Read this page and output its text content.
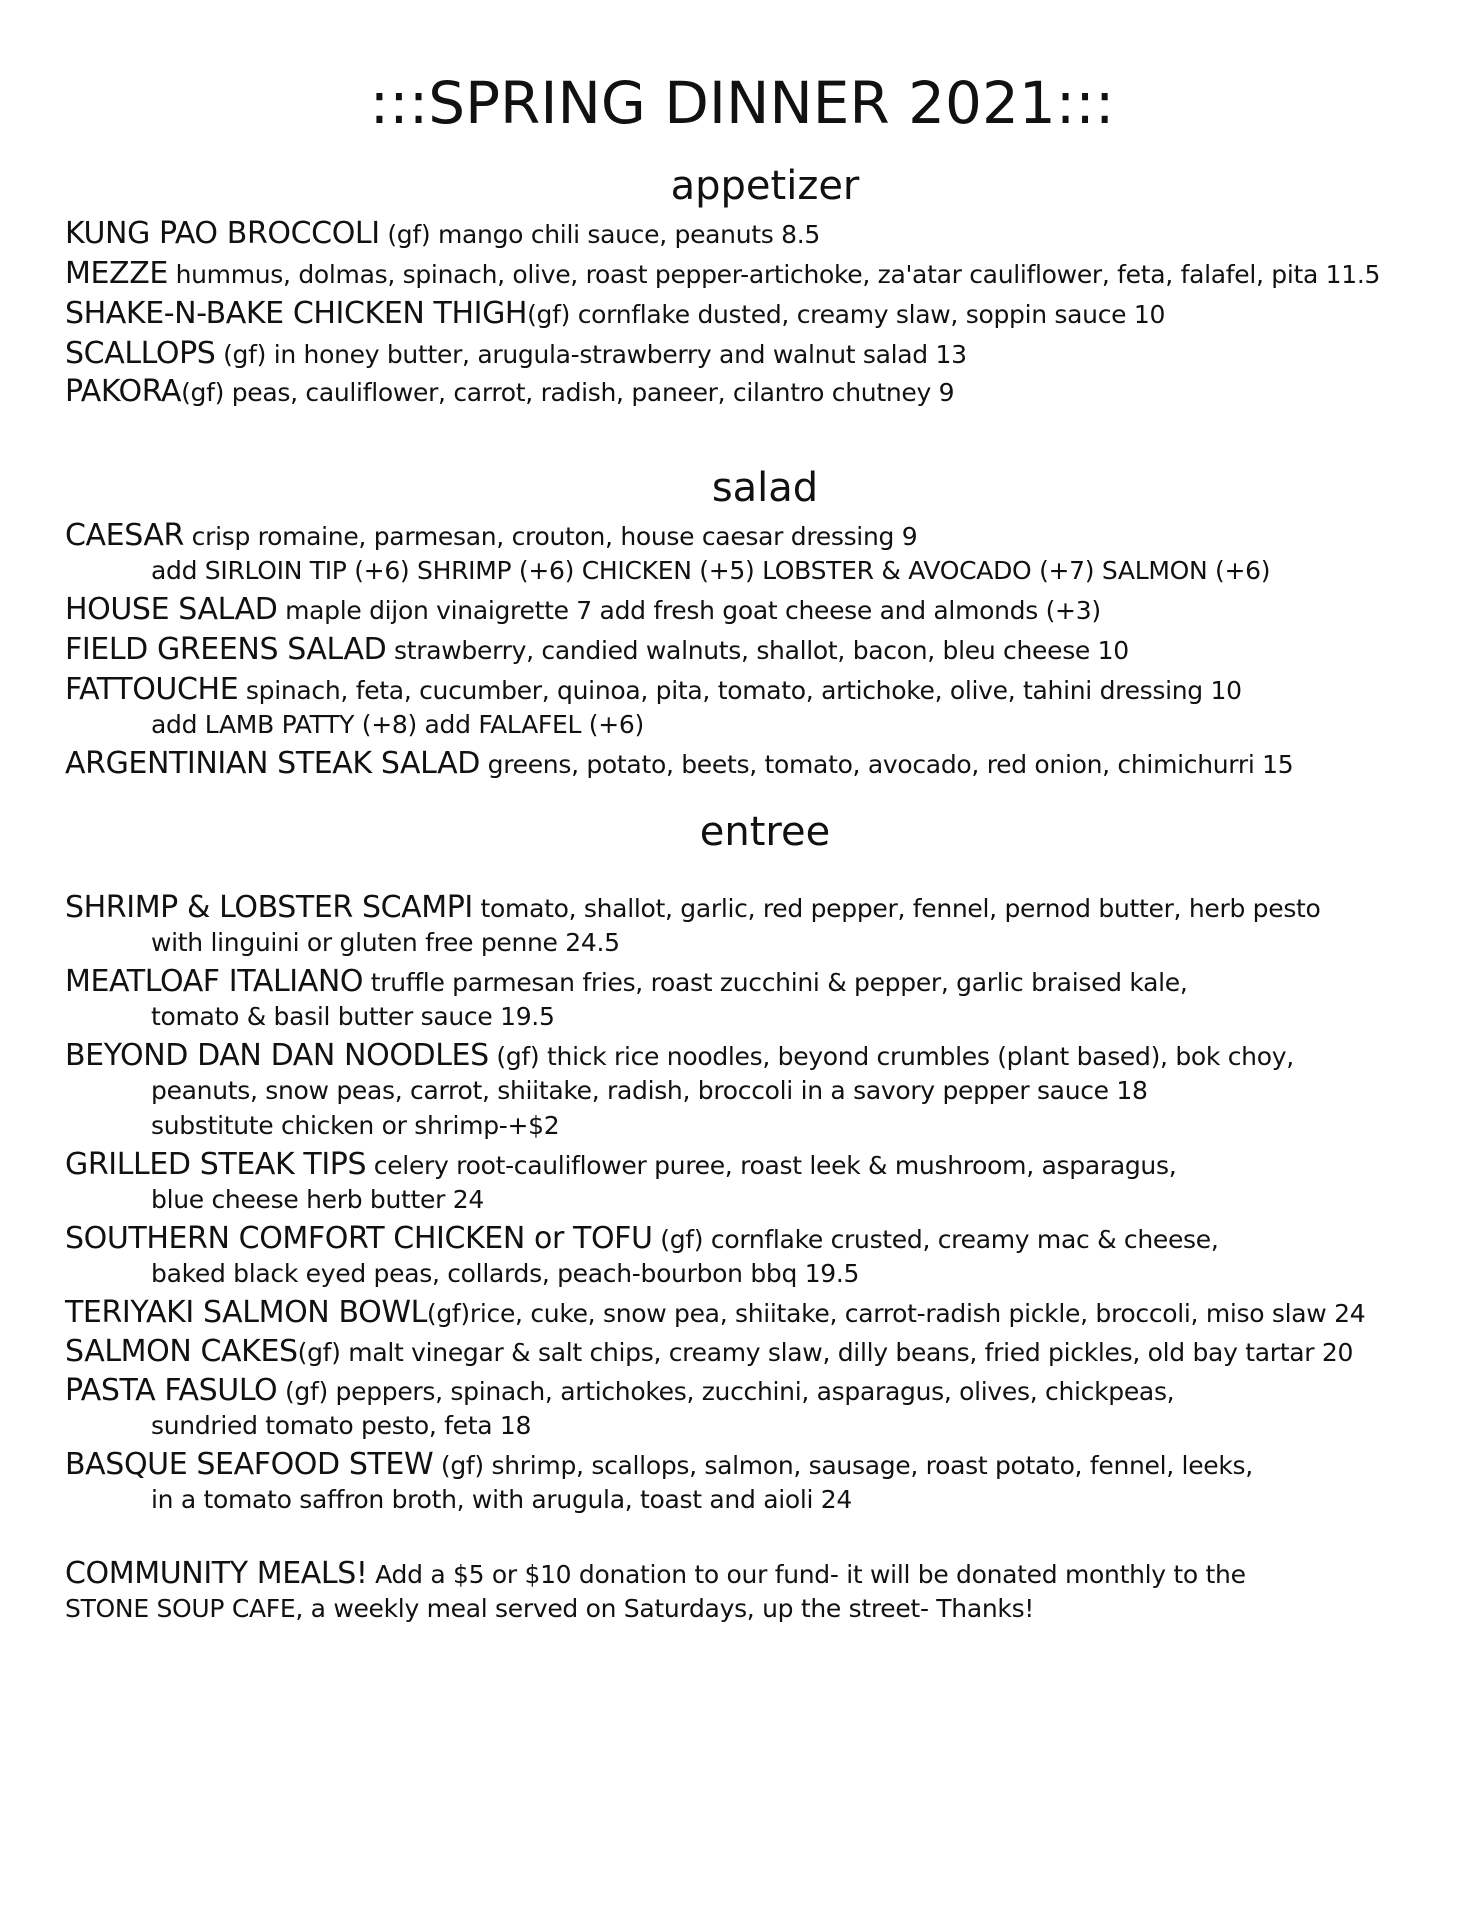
:::SPRING DINNER 2021:::
appetizer
KUNG PAO BROCCOLI (gf) mango chili sauce, peanuts 8.5
MEZZE hummus, dolmas, spinach, olive, roast pepper-artichoke, za'atar cauliflower, feta, falafel, pita 11.5
SHAKE-N-BAKE CHICKEN THIGH(gf) cornflake dusted, creamy slaw, soppin sauce 10
SCALLOPS (gf) in honey butter, arugula-strawberry and walnut salad 13
PAKORA(gf) peas, cauliflower, carrot, radish, paneer, cilantro chutney 9
salad
CAESAR crisp romaine, parmesan, crouton, house caesar dressing 9
add SIRLOIN TIP (+6) SHRIMP (+6) CHICKEN (+5) LOBSTER & AVOCADO (+7) SALMON (+6)
HOUSE SALAD maple dijon vinaigrette 7 add fresh goat cheese and almonds (+3)
FIELD GREENS SALAD strawberry, candied walnuts, shallot, bacon, bleu cheese 10
FATTOUCHE spinach, feta, cucumber, quinoa, pita, tomato, artichoke, olive, tahini dressing 10
add LAMB PATTY (+8) add FALAFEL (+6)
ARGENTINIAN STEAK SALAD greens, potato, beets, tomato, avocado, red onion, chimichurri 15
entree
SHRIMP & LOBSTER SCAMPI tomato, shallot, garlic, red pepper, fennel, pernod butter, herb pesto
with linguini or gluten free penne 24.5
MEATLOAF ITALIANO truffle parmesan fries, roast zucchini & pepper, garlic braised kale,
tomato & basil butter sauce 19.5
BEYOND DAN DAN NOODLES (gf) thick rice noodles, beyond crumbles (plant based), bok choy,
peanuts, snow peas, carrot, shiitake, radish, broccoli in a savory pepper sauce 18
substitute chicken or shrimp-+$2
GRILLED STEAK TIPS celery root-cauliflower puree, roast leek & mushroom, asparagus,
blue cheese herb butter 24
SOUTHERN COMFORT CHICKEN or TOFU (gf) cornflake crusted, creamy mac & cheese,
baked black eyed peas, collards, peach-bourbon bbq 19.5
TERIYAKI SALMON BOWL(gf)rice, cuke, snow pea, shiitake, carrot-radish pickle, broccoli, miso slaw 24
SALMON CAKES(gf) malt vinegar & salt chips, creamy slaw, dilly beans, fried pickles, old bay tartar 20
PASTA FASULO (gf) peppers, spinach, artichokes, zucchini, asparagus, olives, chickpeas,
sundried tomato pesto, feta 18
BASQUE SEAFOOD STEW (gf) shrimp, scallops, salmon, sausage, roast potato, fennel, leeks,
in a tomato saffron broth, with arugula, toast and aioli 24
COMMUNITY MEALS! Add a $5 or $10 donation to our fund- it will be donated monthly to the
STONE SOUP CAFE, a weekly meal served on Saturdays, up the street- Thanks!
